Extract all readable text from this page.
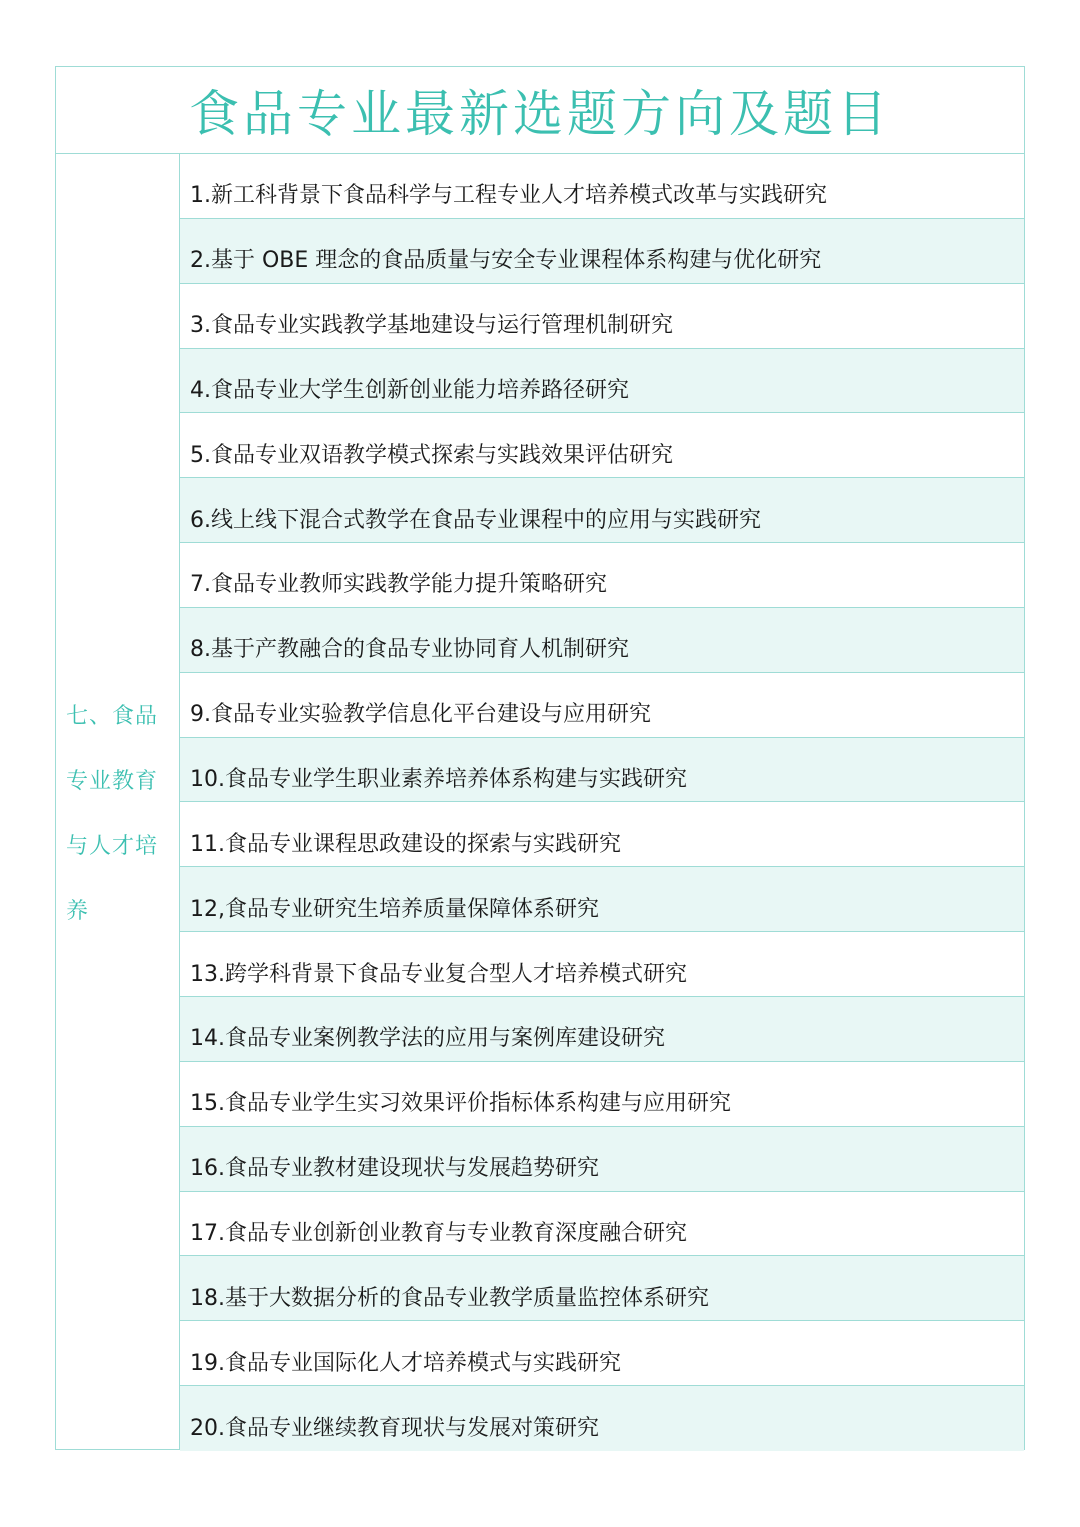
食品专业最新选题方向及题目
七、食品专业教育与人才培养
1.新工科背景下食品科学与工程专业人才培养模式改革与实践研究
2.基于 OBE 理念的食品质量与安全专业课程体系构建与优化研究
3.食品专业实践教学基地建设与运行管理机制研究
4.食品专业大学生创新创业能力培养路径研究
5.食品专业双语教学模式探索与实践效果评估研究
6.线上线下混合式教学在食品专业课程中的应用与实践研究
7.食品专业教师实践教学能力提升策略研究
8.基于产教融合的食品专业协同育人机制研究
9.食品专业实验教学信息化平台建设与应用研究
10.食品专业学生职业素养培养体系构建与实践研究
11.食品专业课程思政建设的探索与实践研究
12,食品专业研究生培养质量保障体系研究
13.跨学科背景下食品专业复合型人才培养模式研究
14.食品专业案例教学法的应用与案例库建设研究
15.食品专业学生实习效果评价指标体系构建与应用研究
16.食品专业教材建设现状与发展趋势研究
17.食品专业创新创业教育与专业教育深度融合研究
18.基于大数据分析的食品专业教学质量监控体系研究
19.食品专业国际化人才培养模式与实践研究
20.食品专业继续教育现状与发展对策研究
